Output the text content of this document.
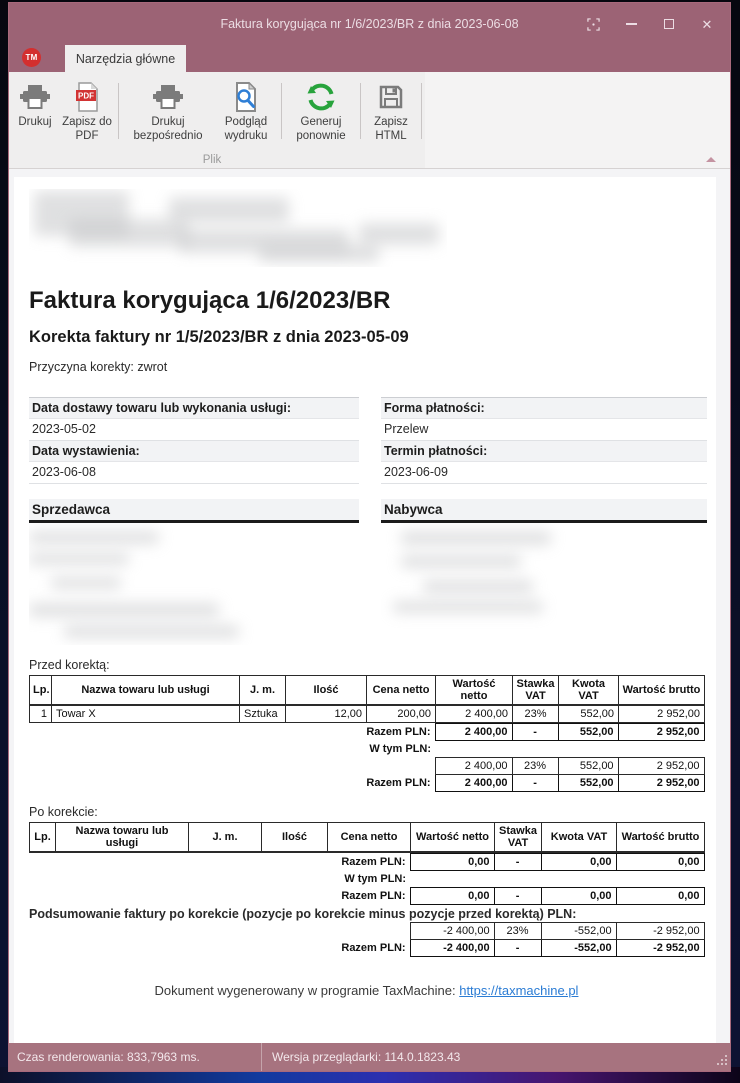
Faktura korygująca nr 1/6/2023/BR z dnia 2023-06-08	✕
TM	Narzędzia główne
Drukuj
PDF
Zapisz do PDF
Drukuj bezpośrednio
Podgląd wydruku
Generuj ponownie
Zapisz HTML
Plik
Faktura korygująca 1/6/2023/BR
Korekta faktury nr 1/5/2023/BR z dnia 2023-05-09
Przyczyna korekty: zwrot
Data dostawy towaru lub wykonania usługi:
2023-05-02
Data wystawienia:
2023-06-08
Forma płatności:
Przelew
Termin płatności:
2023-06-09
Sprzedawca	Nabywca
Przed korektą:
Lp.	Nazwa towaru lub usługi	J. m.	Ilość	Cena netto	Wartość netto	Stawka VAT	Kwota VAT	Wartość brutto
1	Towar X	Sztuka	12,00	200,00	2 400,00	23%	552,00	2 952,00
Razem PLN:	2 400,00	-	552,00	2 952,00
W tym PLN:	
	2 400,00	23%	552,00	2 952,00
Razem PLN:	2 400,00	-	552,00	2 952,00
Po korekcie:
Lp.	Nazwa towaru lub usługi	J. m.	Ilość	Cena netto	Wartość netto	Stawka VAT	Kwota VAT	Wartość brutto
Razem PLN:	0,00	-	0,00	0,00
W tym PLN:	
Razem PLN:	0,00	-	0,00	0,00
Podsumowanie faktury po korekcie (pozycje po korekcie minus pozycje przed korektą) PLN:
	-2 400,00	23%	-552,00	-2 952,00
Razem PLN:	-2 400,00	-	-552,00	-2 952,00
Dokument wygenerowany w programie TaxMachine: https://taxmachine.pl
Czas renderowania: 833,7963 ms.	Wersja przeglądarki: 114.0.1823.43
